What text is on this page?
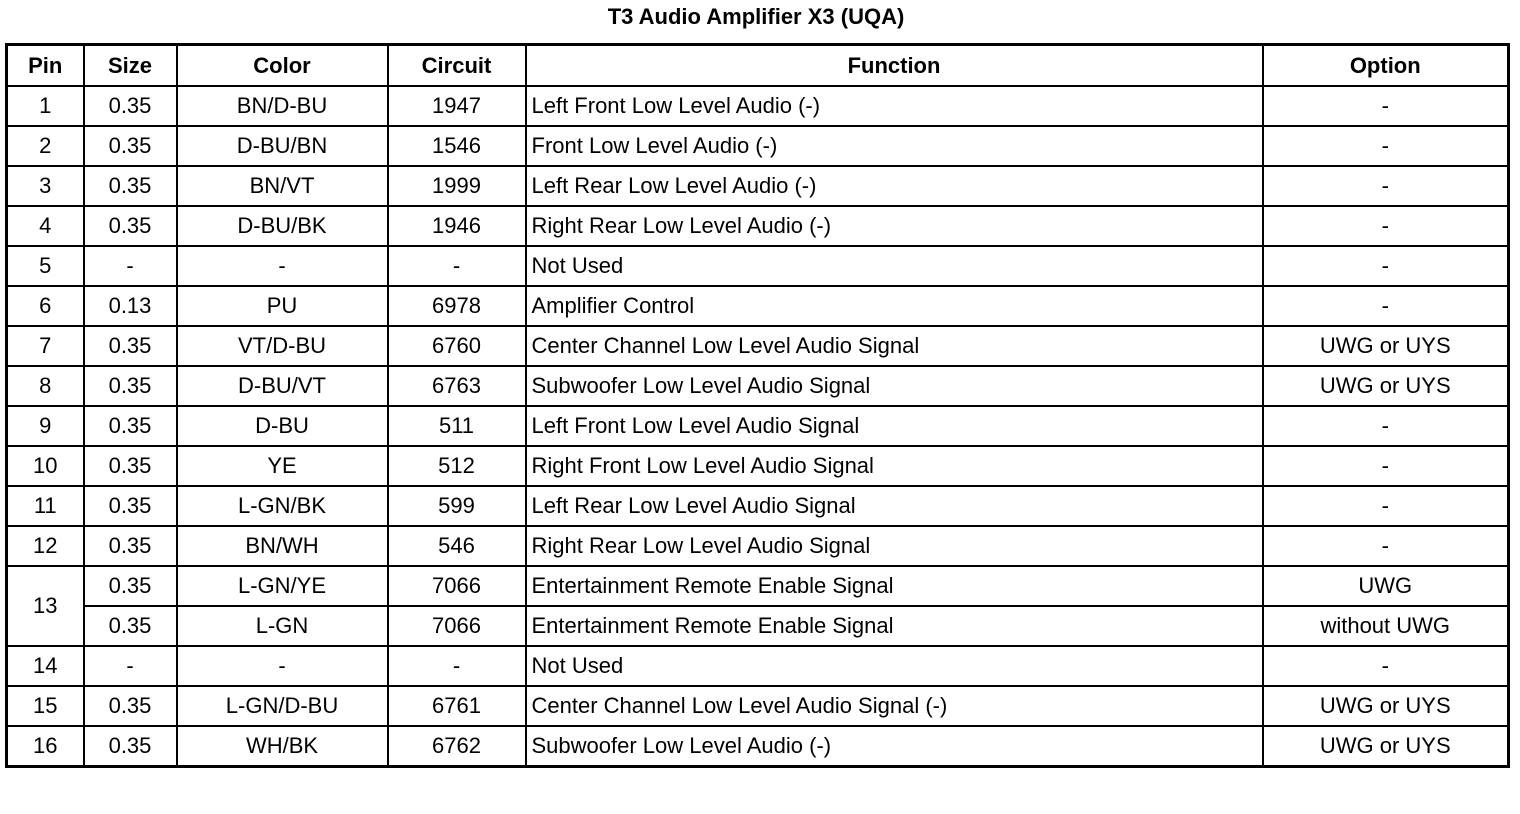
T3 Audio Amplifier X3 (UQA)
Pin	Size	Color	Circuit	Function	Option
1	0.35	BN/D-BU	1947	Left Front Low Level Audio (-)	-
2	0.35	D-BU/BN	1546	Front Low Level Audio (-)	-
3	0.35	BN/VT	1999	Left Rear Low Level Audio (-)	-
4	0.35	D-BU/BK	1946	Right Rear Low Level Audio (-)	-
5	-	-	-	Not Used	-
6	0.13	PU	6978	Amplifier Control	-
7	0.35	VT/D-BU	6760	Center Channel Low Level Audio Signal	UWG or UYS
8	0.35	D-BU/VT	6763	Subwoofer Low Level Audio Signal	UWG or UYS
9	0.35	D-BU	511	Left Front Low Level Audio Signal	-
10	0.35	YE	512	Right Front Low Level Audio Signal	-
11	0.35	L-GN/BK	599	Left Rear Low Level Audio Signal	-
12	0.35	BN/WH	546	Right Rear Low Level Audio Signal	-
13	0.35	L-GN/YE	7066	Entertainment Remote Enable Signal	UWG
	0.35	L-GN	7066	Entertainment Remote Enable Signal	without UWG
14	-	-	-	Not Used	-
15	0.35	L-GN/D-BU	6761	Center Channel Low Level Audio Signal (-)	UWG or UYS
16	0.35	WH/BK	6762	Subwoofer Low Level Audio (-)	UWG or UYS
